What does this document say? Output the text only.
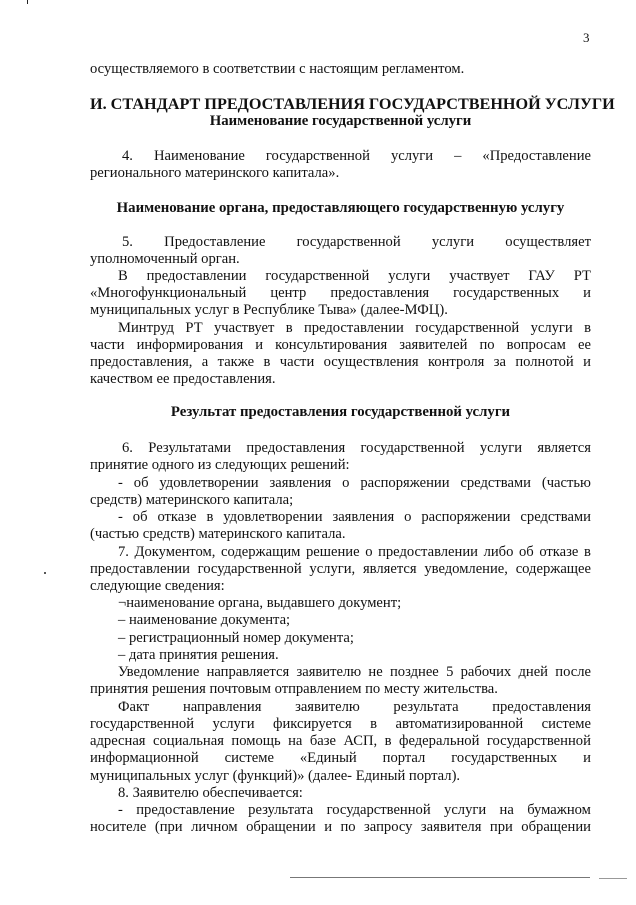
3
осуществляемого в соответствии с настоящим регламентом.
И. СТАНДАРТ ПРЕДОСТАВЛЕНИЯ ГОСУДАРСТВЕННОЙ УСЛУГИ
Наименование государственной услуги
4. Наименование государственной услуги – «Предоставление
регионального материнского капитала».
Наименование органа, предоставляющего государственную услугу
5. Предоставление государственной услуги осуществляет
уполномоченный орган.
В предоставлении государственной услуги участвует ГАУ РТ
«Многофункциональный центр предоставления государственных и
муниципальных услуг в Республике Тыва» (далее-МФЦ).
Минтруд РТ участвует в предоставлении государственной услуги в
части информирования и консультирования заявителей по вопросам ее
предоставления, а также в части осуществления контроля за полнотой и
качеством ее предоставления.
Результат предоставления государственной услуги
6. Результатами предоставления государственной услуги является
принятие одного из следующих решений:
- об удовлетворении заявления о распоряжении средствами (частью
средств) материнского капитала;
- об отказе в удовлетворении заявления о распоряжении средствами
(частью средств) материнского капитала.
7. Документом, содержащим решение о предоставлении либо об отказе в
предоставлении государственной услуги, является уведомление, содержащее
следующие сведения:
¬наименование органа, выдавшего документ;
– наименование документа;
– регистрационный номер документа;
– дата принятия решения.
Уведомление направляется заявителю не позднее 5 рабочих дней после
принятия решения почтовым отправлением по месту жительства.
Факт направления заявителю результата предоставления
государственной услуги фиксируется в автоматизированной системе
адресная социальная помощь на базе АСП, в федеральной государственной
информационной системе «Единый портал государственных и
муниципальных услуг (функций)» (далее- Единый портал).
8. Заявителю обеспечивается:
- предоставление результата государственной услуги на бумажном
носителе (при личном обращении и по запросу заявителя при обращении
